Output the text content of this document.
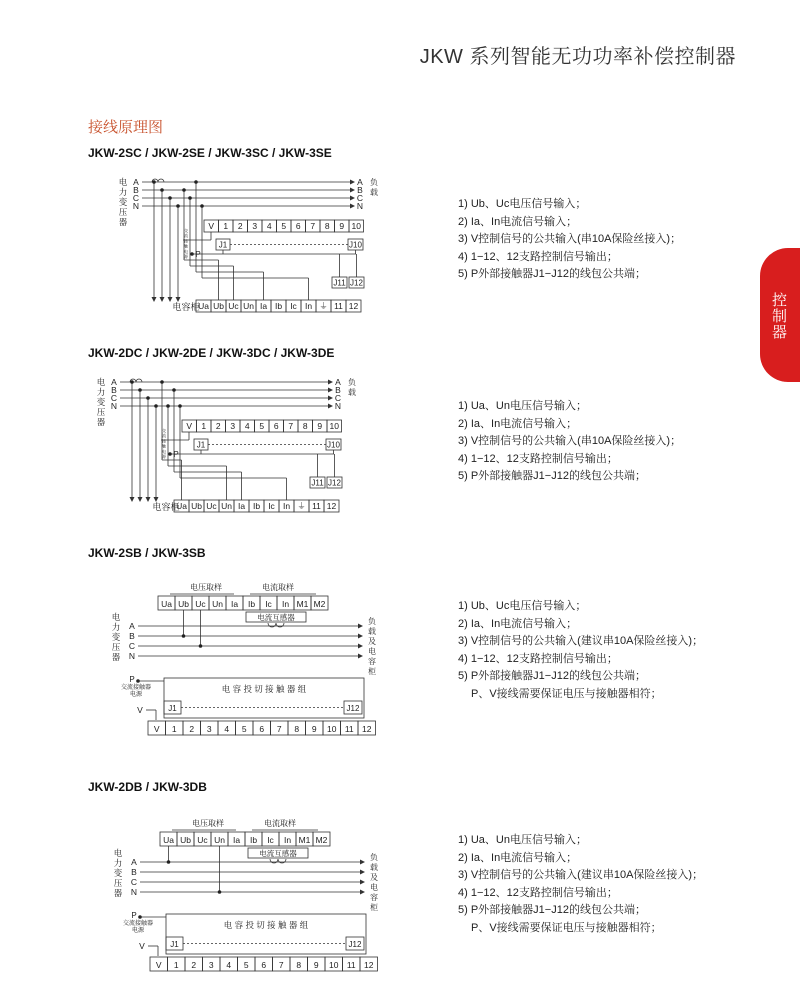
JKW 系列智能无功功率补偿控制器
接线原理图
控制器
JKW-2SC / JKW-2SE / JKW-3SC / JKW-3SE
JKW-2DC / JKW-2DE / JKW-3DC / JKW-3DE
JKW-2SB / JKW-3SB
JKW-2DB / JKW-3DB
1) Ub、Uc电压信号输入；
2) Ia、In电流信号输入；
3) V控制信号的公共输入(串10A保险丝接入)；
4) 1−12、12支路控制信号输出；
5) P外部接触器J1−J12的线包公共端；
1) Ua、Un电压信号输入；
2) Ia、In电流信号输入；
3) V控制信号的公共输入(串10A保险丝接入)；
4) 1−12、12支路控制信号输出；
5) P外部接触器J1−J12的线包公共端；
1) Ub、Uc电压信号输入；
2) Ia、In电流信号输入；
3) V控制信号的公共输入(建议串10A保险丝接入)；
4) 1−12、12支路控制信号输出；
5) P外部接触器J1−J12的线包公共端；
P、V接线需要保证电压与接触器相符；
1) Ua、Un电压信号输入；
2) Ia、In电流信号输入；
3) V控制信号的公共输入(建议串10A保险丝接入)；
4) 1−12、12支路控制信号输出；
5) P外部接触器J1−J12的线包公共端；
P、V接线需要保证电压与接触器相符；
电
力
变
压
器
A
B
C
N
A
B
C
N
负
载
电容柜
V 1 2 3 4 5 6 7 8 9 10
J1	J10
J11 J12
P
交
流
接
触
电
源
Ua Ub Uc Un Ia Ib Ic In ⏚ 11 12
电
力
变
压
器
A
B
C
N
A
B
C
N
负
载
电容柜
V 1 2 3 4 5 6 7 8 9 10
J1	J10
J11 J12
P
交
流
接
触
电
源
Ua Ub Uc Un Ia Ib Ic In ⏚ 11 12
电压取样	电流取样
Ua Ub Uc Un Ia Ib Ic In M1 M2
电流互感器
电
力
变
压
器
A
B
C
N
负
载
及
电
容
柜
P
交流接触器
电源
电 容 投 切 接 触 器 组
J1	J12
V
V 1 2 3 4 5 6 7 8 9 10 11 12
电压取样	电流取样
Ua Ub Uc Un Ia Ib Ic In M1 M2
电流互感器
电
力
变
压
器
A
B
C
N
负
载
及
电
容
柜
P
交流接触器
电源
电 容 投 切 接 触 器 组
J1	J12
V
V 1 2 3 4 5 6 7 8 9 10 11 12
